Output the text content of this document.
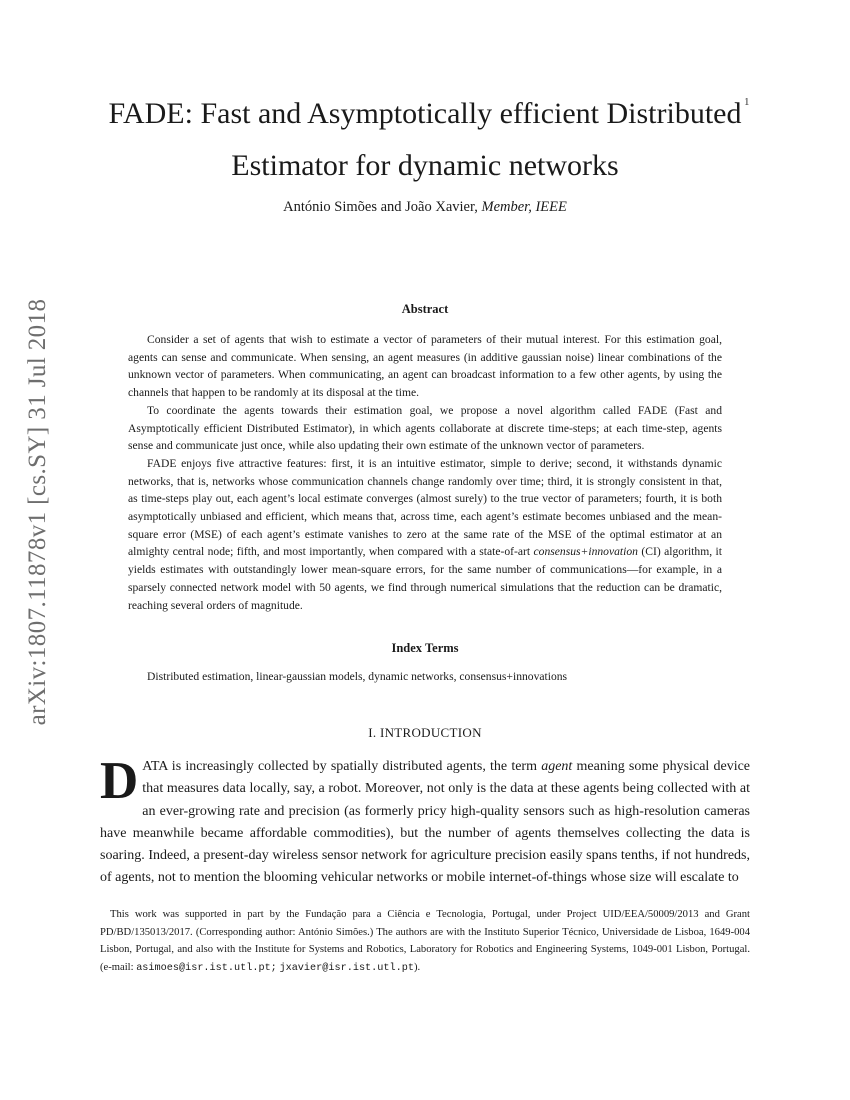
1
arXiv:1807.11878v1 [cs.SY] 31 Jul 2018
FADE: Fast and Asymptotically efficient Distributed Estimator for dynamic networks
António Simões and João Xavier, Member, IEEE
Abstract

Consider a set of agents that wish to estimate a vector of parameters of their mutual interest. For this estimation goal, agents can sense and communicate. When sensing, an agent measures (in additive gaussian noise) linear combinations of the unknown vector of parameters. When communicating, an agent can broadcast information to a few other agents, by using the channels that happen to be randomly at its disposal at the time.

To coordinate the agents towards their estimation goal, we propose a novel algorithm called FADE (Fast and Asymptotically efficient Distributed Estimator), in which agents collaborate at discrete time-steps; at each time-step, agents sense and communicate just once, while also updating their own estimate of the unknown vector of parameters.

FADE enjoys five attractive features: first, it is an intuitive estimator, simple to derive; second, it withstands dynamic networks, that is, networks whose communication channels change randomly over time; third, it is strongly consistent in that, as time-steps play out, each agent’s local estimate converges (almost surely) to the true vector of parameters; fourth, it is both asymptotically unbiased and efficient, which means that, across time, each agent’s estimate becomes unbiased and the mean-square error (MSE) of each agent’s estimate vanishes to zero at the same rate of the MSE of the optimal estimator at an almighty central node; fifth, and most importantly, when compared with a state-of-art consensus+innovation (CI) algorithm, it yields estimates with outstandingly lower mean-square errors, for the same number of communications—for example, in a sparsely connected network model with 50 agents, we find through numerical simulations that the reduction can be dramatic, reaching several orders of magnitude.

Index Terms
Distributed estimation, linear-gaussian models, dynamic networks, consensus+innovations
I. INTRODUCTION

DATA is increasingly collected by spatially distributed agents, the term agent meaning some physical device that measures data locally, say, a robot. Moreover, not only is the data at these agents being collected with at an ever-growing rate and precision (as formerly pricy high-quality sensors such as high-resolution cameras have meanwhile became affordable commodities), but the number of agents themselves collecting the data is soaring. Indeed, a present-day wireless sensor network for agriculture precision easily spans tenths, if not hundreds, of agents, not to mention the blooming vehicular networks or mobile internet-of-things whose size will escalate to

This work was supported in part by the Fundação para a Ciência e Tecnologia, Portugal, under Project UID/EEA/50009/2013 and Grant PD/BD/135013/2017. (Corresponding author: António Simões.) The authors are with the Instituto Superior Técnico, Universidade de Lisboa, 1649-004 Lisbon, Portugal, and also with the Institute for Systems and Robotics, Laboratory for Robotics and Engineering Systems, 1049-001 Lisbon, Portugal. (e-mail: asimoes@isr.ist.utl.pt; jxavier@isr.ist.utl.pt).
